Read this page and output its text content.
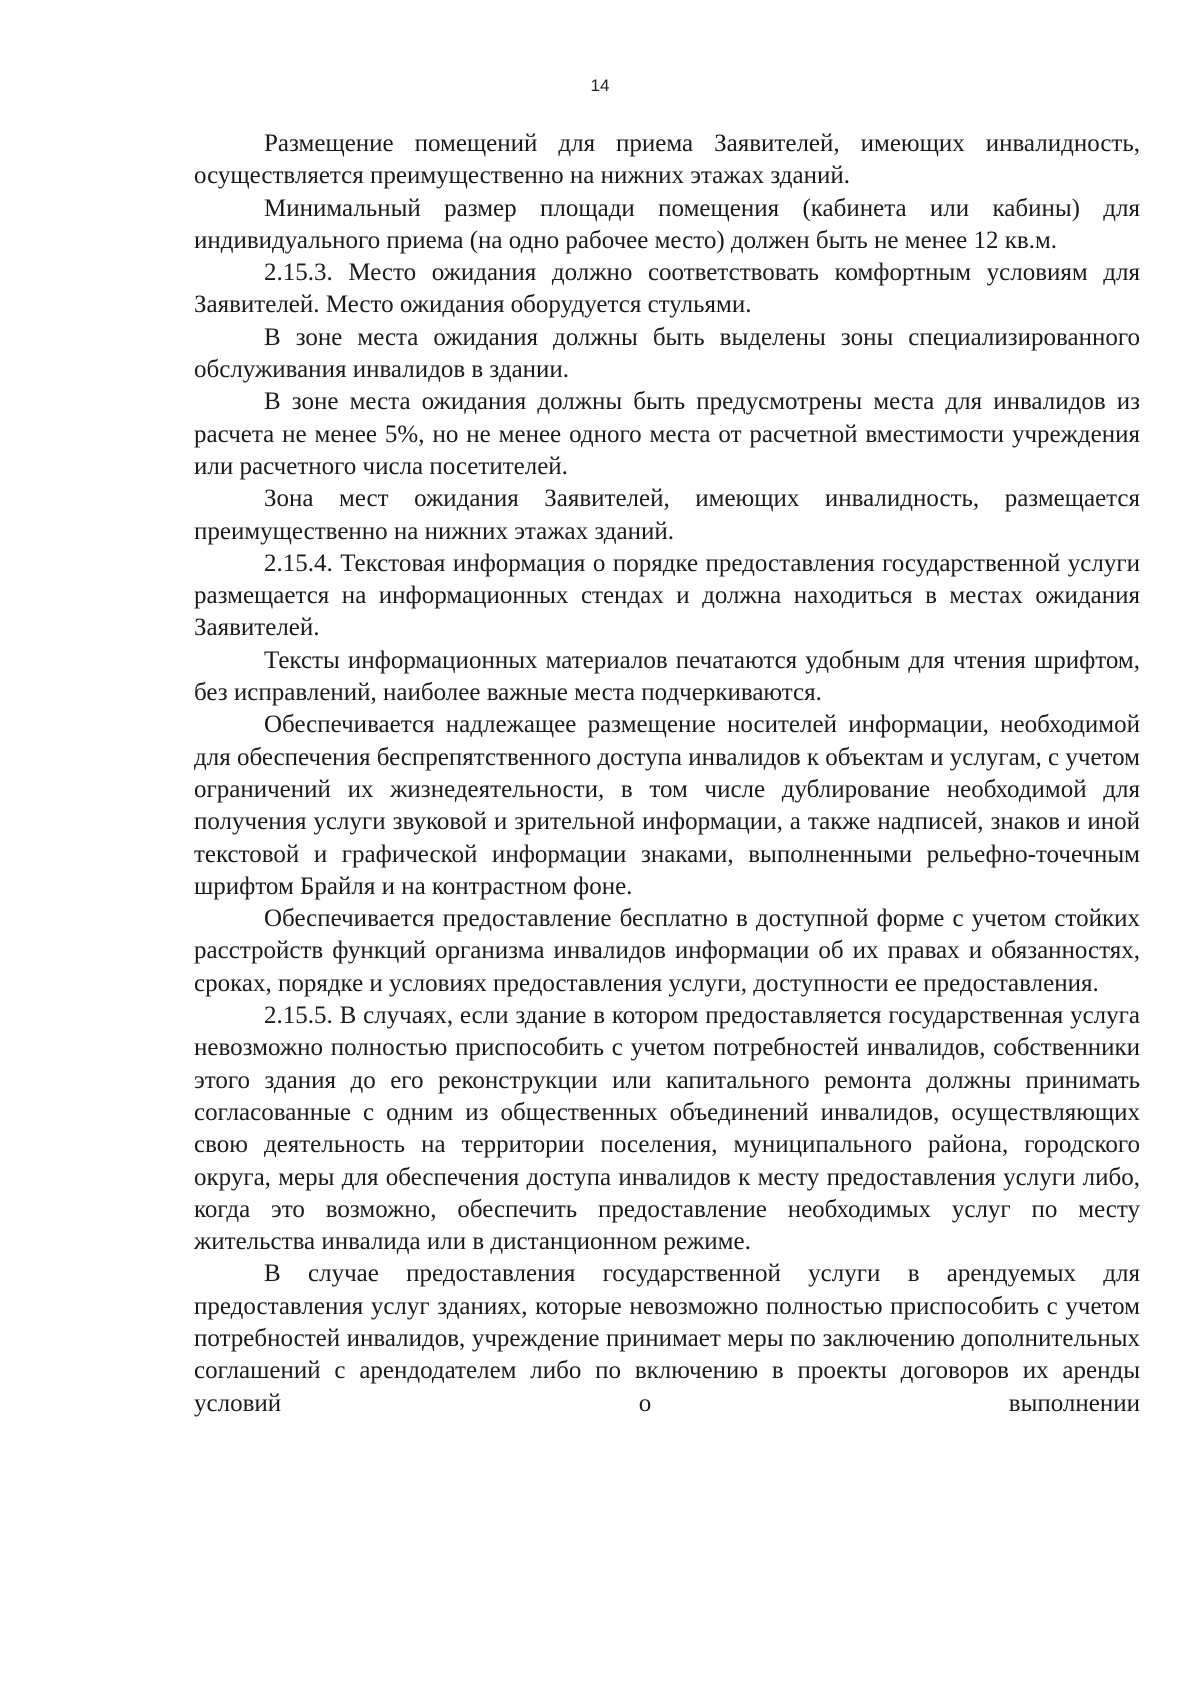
14

Размещение помещений для приема Заявителей, имеющих инвалидность, осуществляется преимущественно на нижних этажах зданий.

Минимальный размер площади помещения (кабинета или кабины) для индивидуального приема (на одно рабочее место) должен быть не менее 12 кв.м.

2.15.3. Место ожидания должно соответствовать комфортным условиям для Заявителей. Место ожидания оборудуется стульями.

В зоне места ожидания должны быть выделены зоны специализированного обслуживания инвалидов в здании.

В зоне места ожидания должны быть предусмотрены места для инвалидов из расчета не менее 5%, но не менее одного места от расчетной вместимости учреждения или расчетного числа посетителей.

Зона мест ожидания Заявителей, имеющих инвалидность, размещается преимущественно на нижних этажах зданий.

2.15.4. Текстовая информация о порядке предоставления государственной услуги размещается на информационных стендах и должна находиться в местах ожидания Заявителей.

Тексты информационных материалов печатаются удобным для чтения шрифтом, без исправлений, наиболее важные места подчеркиваются.

Обеспечивается надлежащее размещение носителей информации, необходимой для обеспечения беспрепятственного доступа инвалидов к объектам и услугам, с учетом ограничений их жизнедеятельности, в том числе дублирование необходимой для получения услуги звуковой и зрительной информации, а также надписей, знаков и иной текстовой и графической информации знаками, выполненными рельефно-точечным шрифтом Брайля и на контрастном фоне.

Обеспечивается предоставление бесплатно в доступной форме с учетом стойких расстройств функций организма инвалидов информации об их правах и обязанностях, сроках, порядке и условиях предоставления услуги, доступности ее предоставления.

2.15.5. В случаях, если здание в котором предоставляется государственная услуга невозможно полностью приспособить с учетом потребностей инвалидов, собственники этого здания до его реконструкции или капитального ремонта должны принимать согласованные с одним из общественных объединений инвалидов, осуществляющих свою деятельность на территории поселения, муниципального района, городского округа, меры для обеспечения доступа инвалидов к месту предоставления услуги либо, когда это возможно, обеспечить предоставление необходимых услуг по месту жительства инвалида или в дистанционном режиме.

В случае предоставления государственной услуги в арендуемых для предоставления услуг зданиях, которые невозможно полностью приспособить с учетом потребностей инвалидов, учреждение принимает меры по заключению дополнительных соглашений с арендодателем либо по включению в проекты договоров их аренды условий о выполнении
